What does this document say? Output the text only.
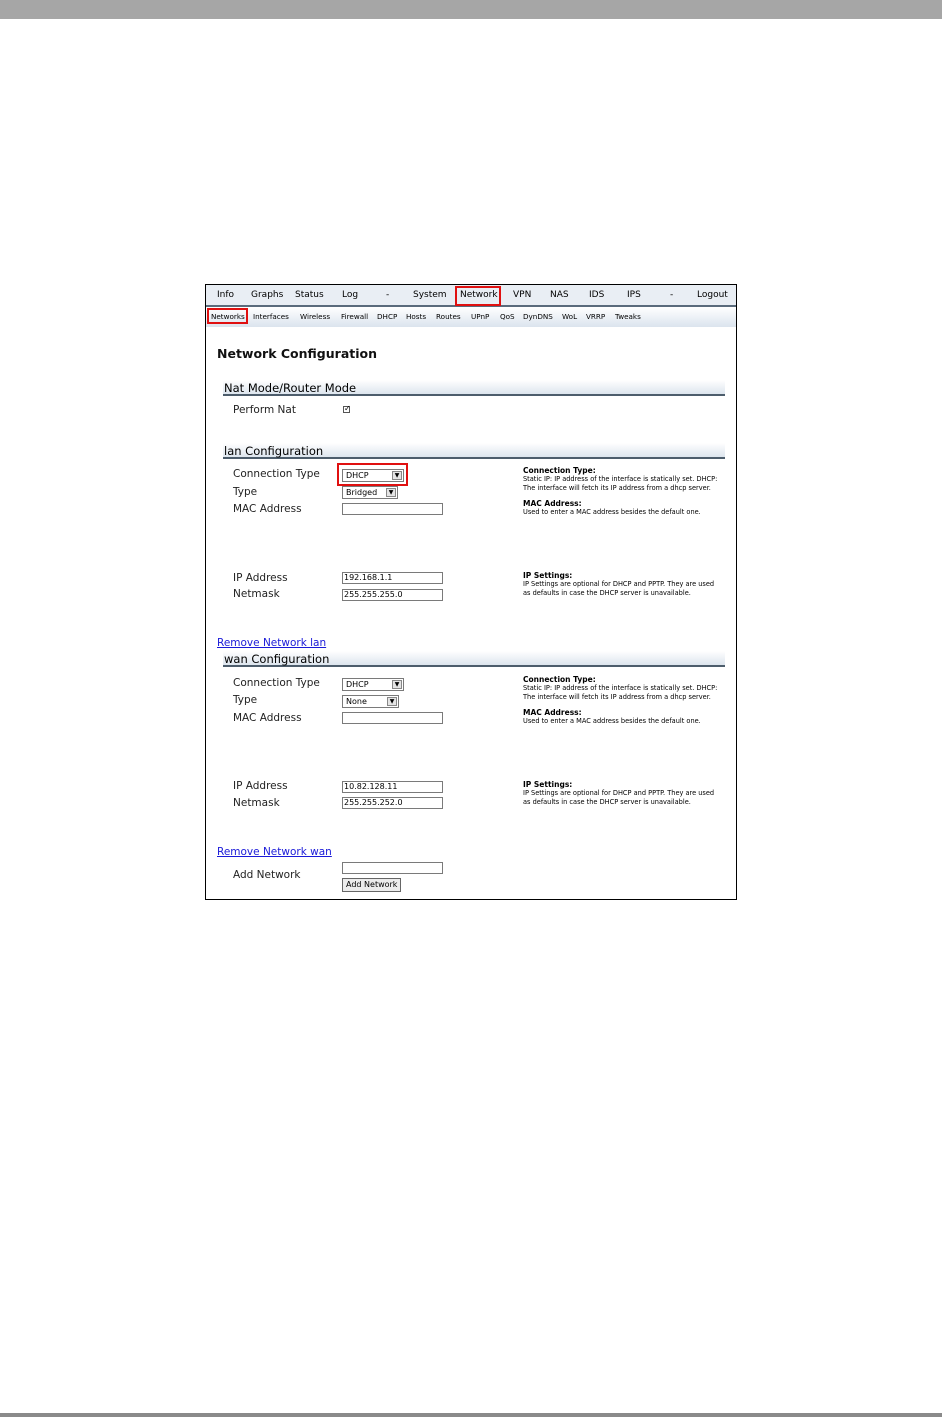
Info Graphs Status Log	-	System Network VPN NAS IDS	IPS	-	Logout
Networks Interfaces Wireless Firewall DHCP Hosts Routes UPnP QoS DynDNS WoL VRRP Tweaks
Network Configuration
Nat Mode/Router Mode
Perform Nat	✓
lan Configuration
Connection Type	DHCP	▼
Type	Bridged	▼
MAC Address

Connection Type:

Static IP: IP address of the interface is statically set. DHCP: The interface will fetch its IP address from a dhcp server.

MAC Address:

Used to enter a MAC address besides the default one.

IP Address	192.168.1.1
Netmask	255.255.255.0

IP Settings:

IP Settings are optional for DHCP and PPTP. They are used as defaults in case the DHCP server is unavailable.

Remove Network lan
wan Configuration
Connection Type	DHCP	▼
Type	None	▼
MAC Address

Connection Type:

Static IP: IP address of the interface is statically set. DHCP: The interface will fetch its IP address from a dhcp server.

MAC Address:

Used to enter a MAC address besides the default one.

IP Address	10.82.128.11
Netmask	255.255.252.0

IP Settings:

IP Settings are optional for DHCP and PPTP. They are used as defaults in case the DHCP server is unavailable.

Remove Network wan
Add Network
Add Network
